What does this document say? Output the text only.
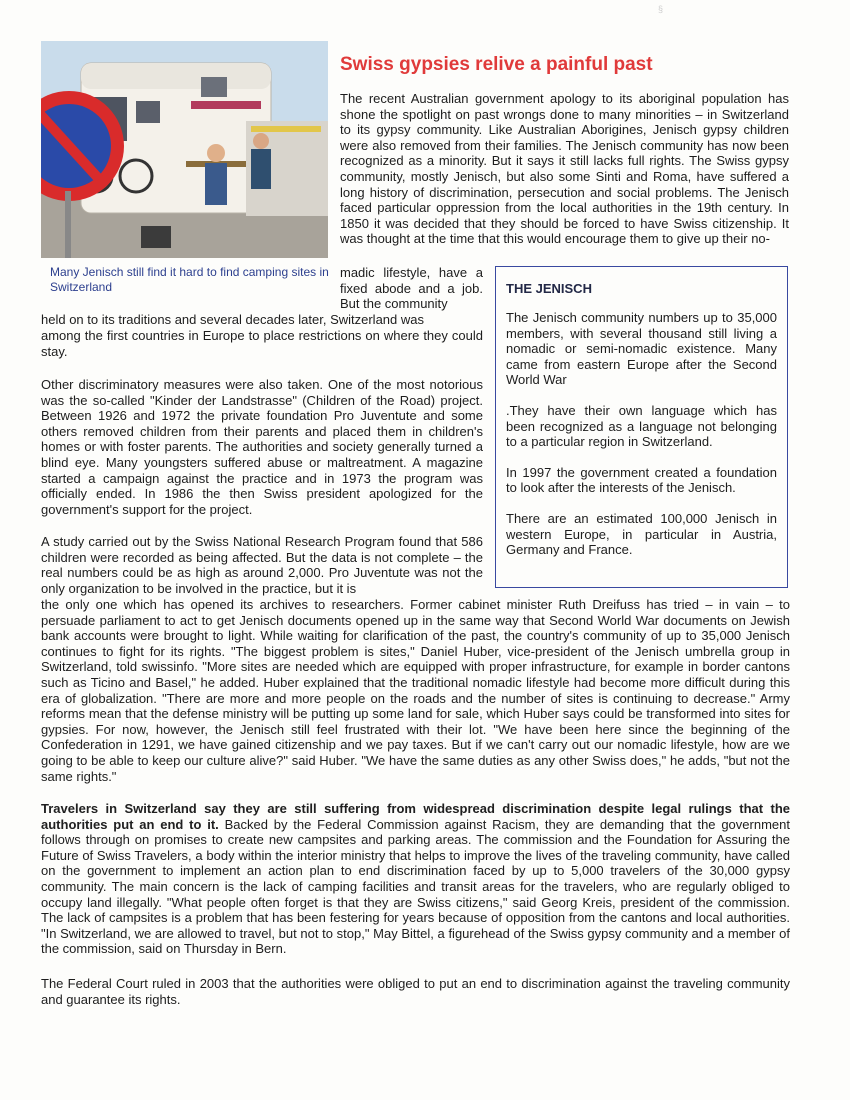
§
Many Jenisch still find it hard to find camping sites in Switzerland
Swiss gypsies relive a painful past

The recent Australian government apology to its aboriginal population has shone the spotlight on past wrongs done to many minorities – in Switzerland to its gypsy community. Like Australian Aborigines, Jenisch gypsy children were also removed from their families. The Jenisch community has now been recognized as a minority. But it says it still lacks full rights. The Swiss gypsy community, mostly Jenisch, but also some Sinti and Roma, have suffered a long history of discrimination, persecution and social problems. The Jenisch faced particular oppression from the local authorities in the 19th century. In 1850 it was decided that they should be forced to have Swiss citizenship. It was thought at the time that this would encourage them to give up their no-

madic lifestyle, have a fixed abode and a job. But the community

held on to its traditions and several decades later, Switzerland was

among the first countries in Europe to place restrictions on where they could stay.

Other discriminatory measures were also taken. One of the most notorious was the so-called "Kinder der Landstrasse" (Children of the Road) project. Between 1926 and 1972 the private foundation Pro Juventute and some others removed children from their parents and placed them in children's homes or with foster parents. The authorities and society generally turned a blind eye. Many youngsters suffered abuse or maltreatment. A magazine started a campaign against the practice and in 1973 the program was officially ended. In 1986 the then Swiss president apologized for the government's support for the project.

A study carried out by the Swiss National Research Program found that 586 children were recorded as being affected. But the data is not complete – the real numbers could be as high as around 2,000. Pro Juventute was not the only organization to be involved in the practice, but it is

the only one which has opened its archives to researchers. Former cabinet minister Ruth Dreifuss has tried – in vain – to persuade parliament to act to get Jenisch documents opened up in the same way that Second World War documents on Jewish bank accounts were brought to light. While waiting for clarification of the past, the country's community of up to 35,000 Jenisch continues to fight for its rights. "The biggest problem is sites," Daniel Huber, vice-president of the Jenisch umbrella group in Switzerland, told swissinfo. "More sites are needed which are equipped with proper infrastructure, for example in border cantons such as Ticino and Basel," he added. Huber explained that the traditional nomadic lifestyle had become more difficult during this era of globalization. "There are more and more people on the roads and the number of sites is continuing to decrease." Army reforms mean that the defense ministry will be putting up some land for sale, which Huber says could be transformed into sites for gypsies. For now, however, the Jenisch still feel frustrated with their lot. "We have been here since the beginning of the Confederation in 1291, we have gained citizenship and we pay taxes. But if we can't carry out our nomadic lifestyle, how are we going to be able to keep our culture alive?" said Huber. "We have the same duties as any other Swiss does," he adds, "but not the same rights."

Travelers in Switzerland say they are still suffering from widespread discrimination despite legal rulings that the authorities put an end to it. Backed by the Federal Commission against Racism, they are demanding that the government follows through on promises to create new campsites and parking areas. The commission and the Foundation for Assuring the Future of Swiss Travelers, a body within the interior ministry that helps to improve the lives of the traveling community, have called on the government to implement an action plan to end discrimination faced by up to 5,000 travelers of the 30,000 gypsy community. The main concern is the lack of camping facilities and transit areas for the travelers, who are regularly obliged to occupy land illegally. "What people often forget is that they are Swiss citizens," said Georg Kreis, president of the commission. The lack of campsites is a problem that has been festering for years because of opposition from the cantons and local authorities. "In Switzerland, we are allowed to travel, but not to stop," May Bittel, a figurehead of the Swiss gypsy community and a member of the commission, said on Thursday in Bern.

The Federal Court ruled in 2003 that the authorities were obliged to put an end to discrimination against the traveling community and guarantee its rights.

THE JENISCH

The Jenisch community numbers up to 35,000 members, with several thousand still living a nomadic or semi-nomadic existence. Many came from eastern Europe after the Second World War

.They have their own language which has been recognized as a language not belonging to a particular region in Switzerland.

In 1997 the government created a foundation to look after the interests of the Jenisch.

There are an estimated 100,000 Jenisch in western Europe, in particular in Austria, Germany and France.
